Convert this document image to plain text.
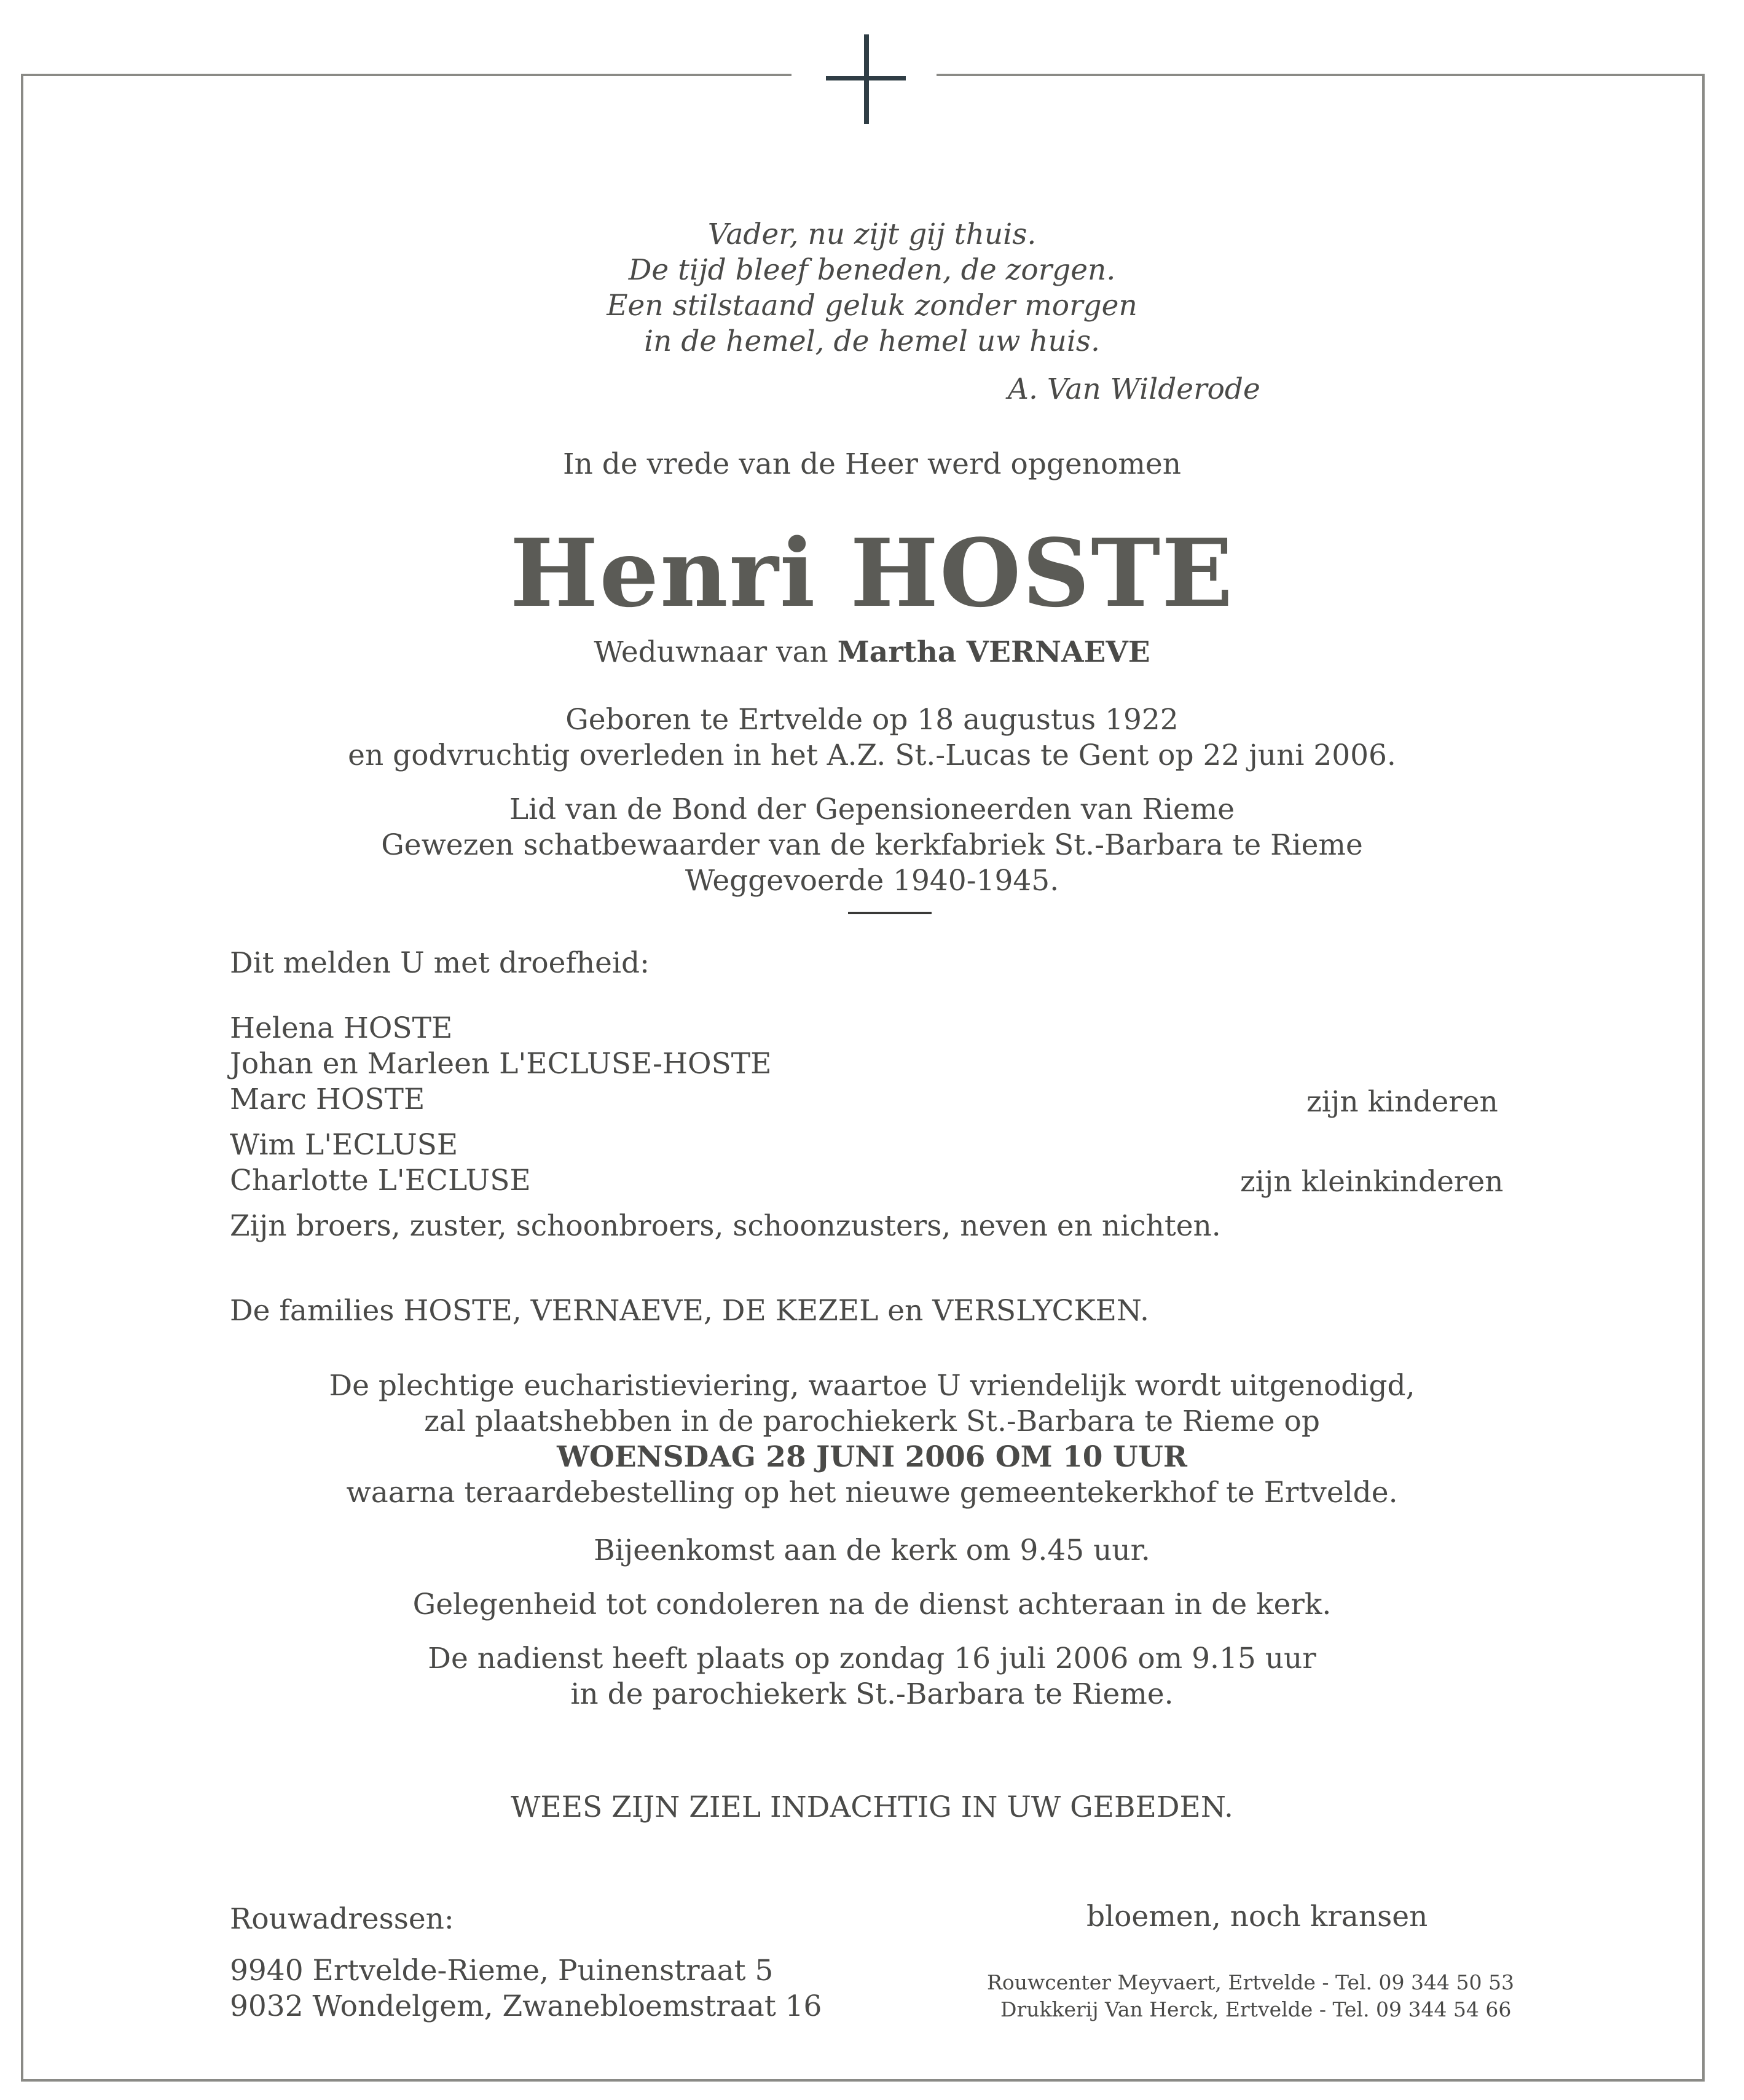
Vader, nu zijt gij thuis.
De tijd bleef beneden, de zorgen.
Een stilstaand geluk zonder morgen
in de hemel, de hemel uw huis.
A. Van Wilderode
In de vrede van de Heer werd opgenomen
Henri HOSTE
Weduwnaar van Martha VERNAEVE
Geboren te Ertvelde op 18 augustus 1922
en godvruchtig overleden in het A.Z. St.-Lucas te Gent op 22 juni 2006.
Lid van de Bond der Gepensioneerden van Rieme
Gewezen schatbewaarder van de kerkfabriek St.-Barbara te Rieme
Weggevoerde 1940-1945.
Dit melden U met droefheid:
Helena HOSTE
Johan en Marleen L'ECLUSE-HOSTE
Marc HOSTE	zijn kinderen
Wim L'ECLUSE
Charlotte L'ECLUSE	zijn kleinkinderen
Zijn broers, zuster, schoonbroers, schoonzusters, neven en nichten.
De families HOSTE, VERNAEVE, DE KEZEL en VERSLYCKEN.
De plechtige eucharistieviering, waartoe U vriendelijk wordt uitgenodigd,
zal plaatshebben in de parochiekerk St.-Barbara te Rieme op
WOENSDAG 28 JUNI 2006 OM 10 UUR
waarna teraardebestelling op het nieuwe gemeentekerkhof te Ertvelde.
Bijeenkomst aan de kerk om 9.45 uur.
Gelegenheid tot condoleren na de dienst achteraan in de kerk.
De nadienst heeft plaats op zondag 16 juli 2006 om 9.15 uur
in de parochiekerk St.-Barbara te Rieme.
WEES ZIJN ZIEL INDACHTIG IN UW GEBEDEN.
Rouwadressen:	bloemen, noch kransen
9940 Ertvelde-Rieme, Puinenstraat 5
9032 Wondelgem, Zwanebloemstraat 16
Rouwcenter Meyvaert, Ertvelde - Tel. 09 344 50 53
Drukkerij Van Herck, Ertvelde - Tel. 09 344 54 66
